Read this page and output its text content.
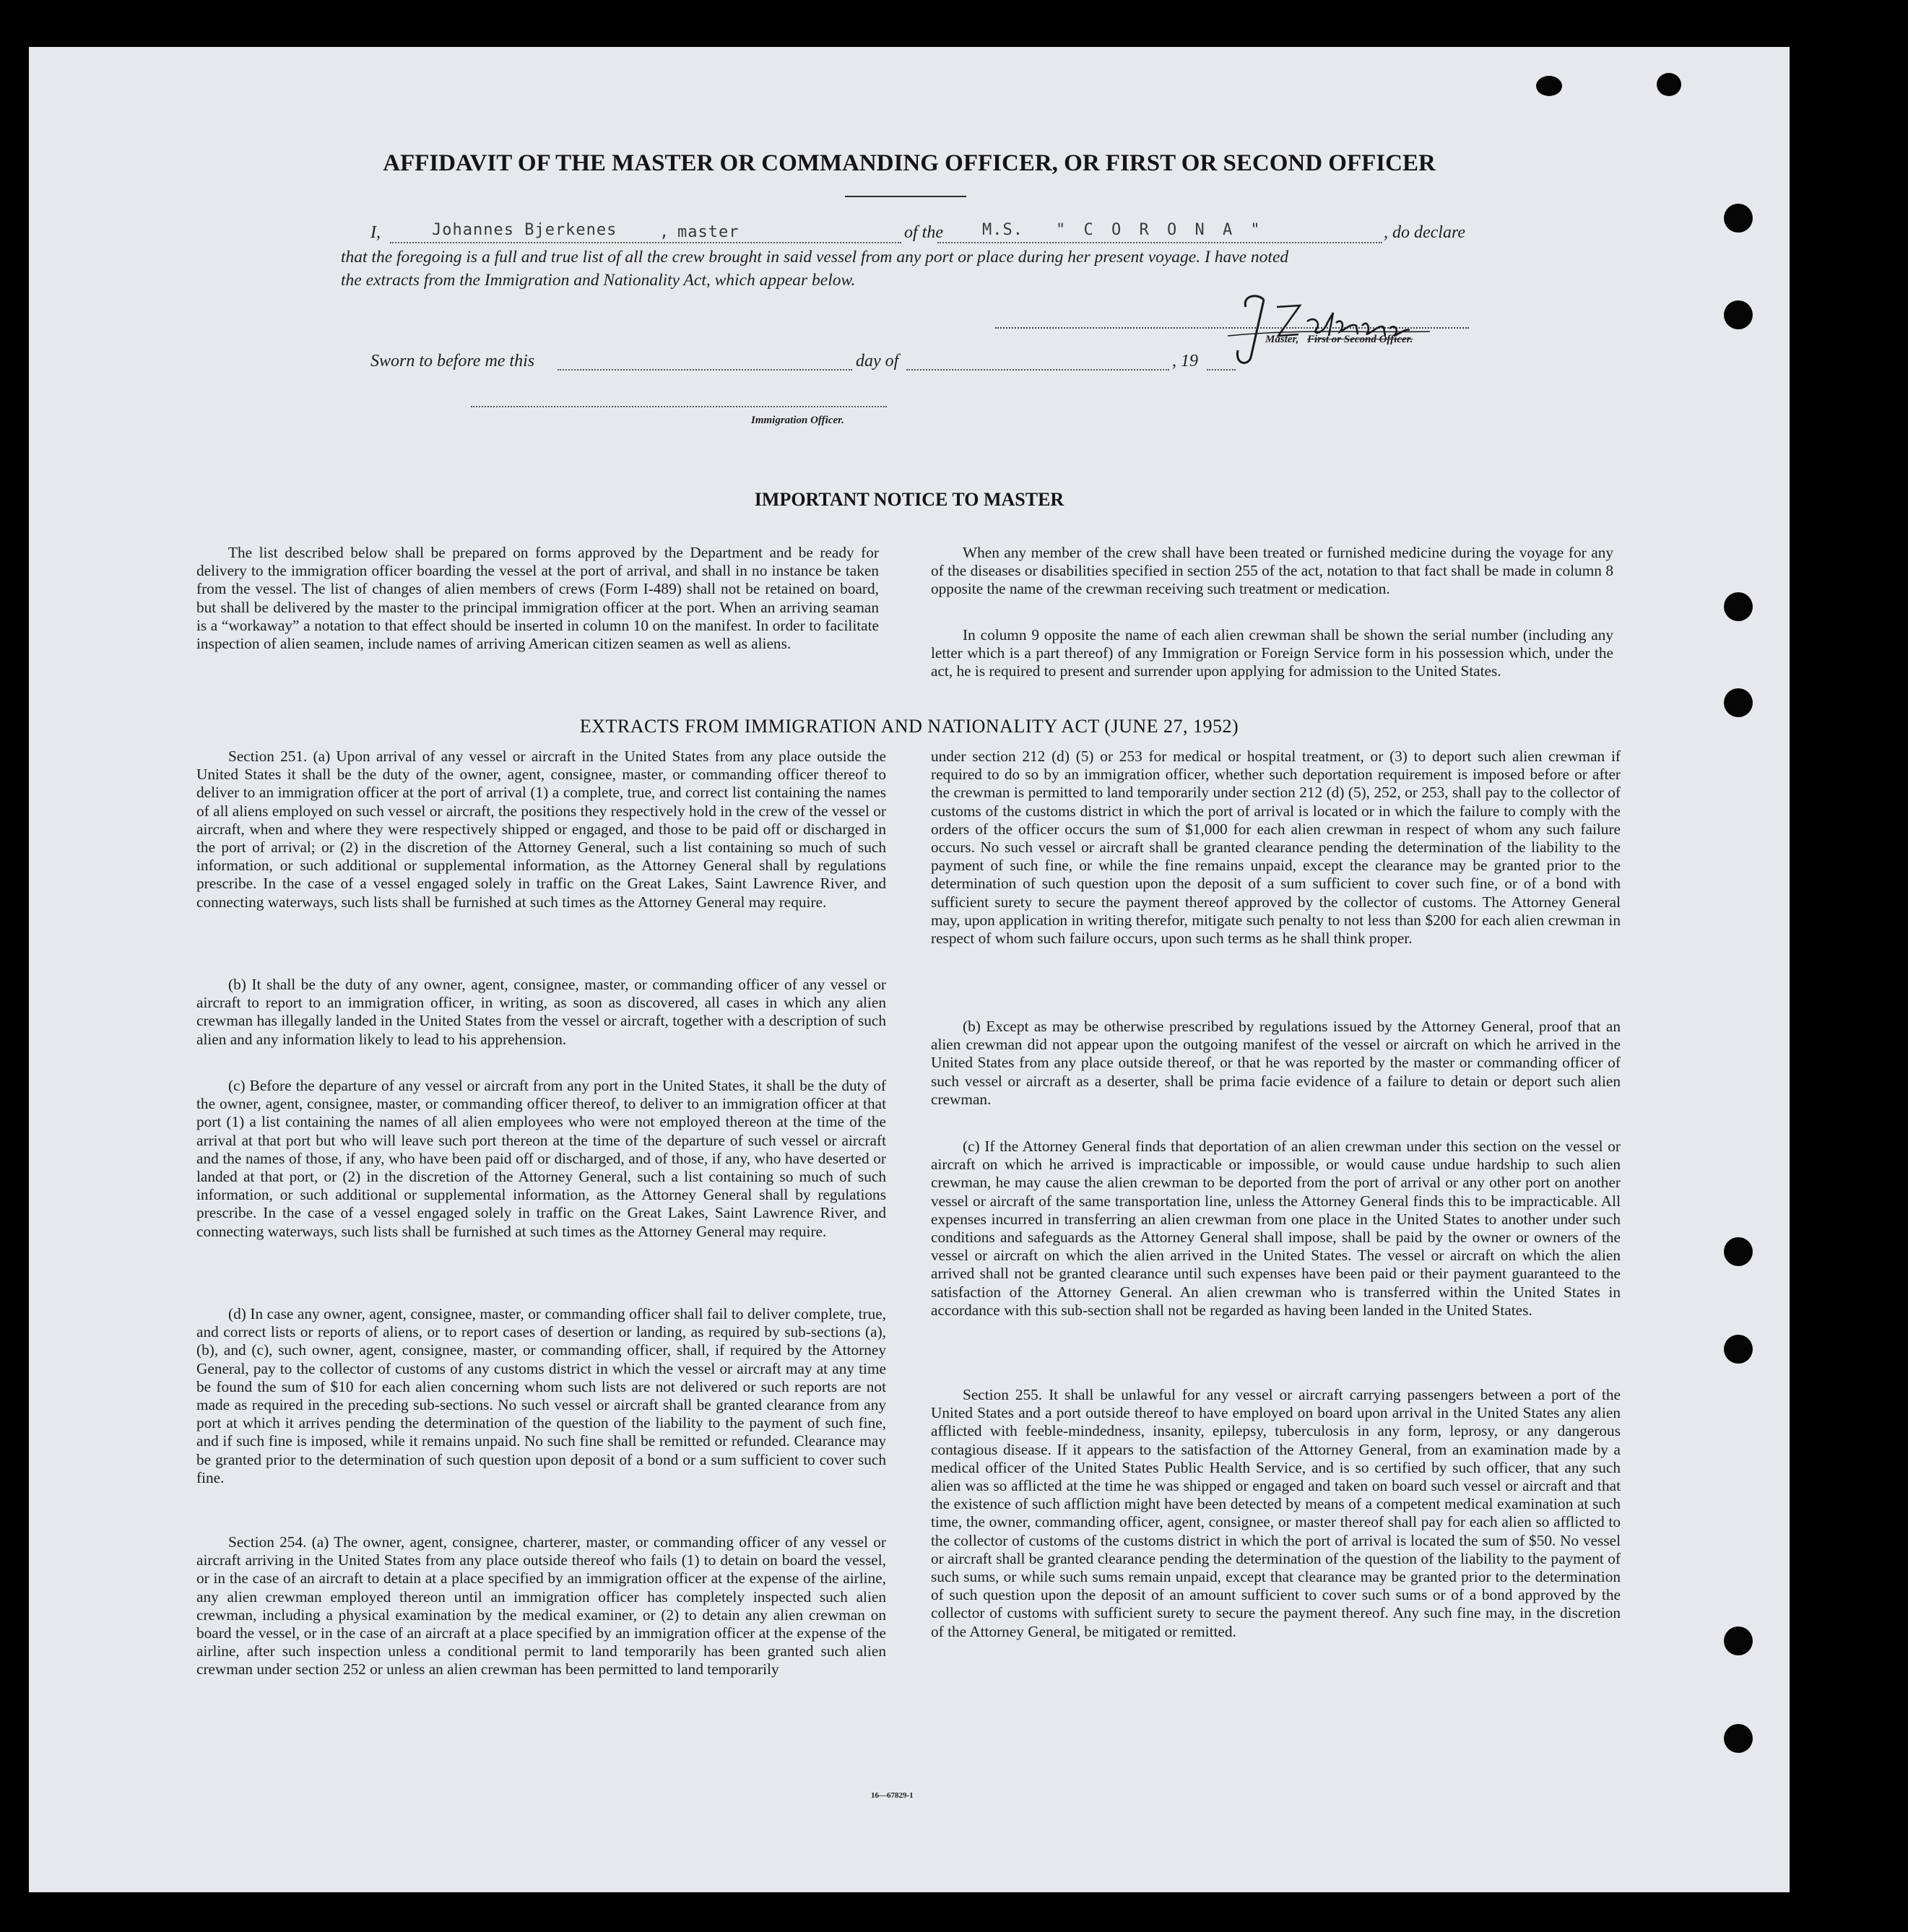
AFFIDAVIT OF THE MASTER OR COMMANDING OFFICER, OR FIRST OR SECOND OFFICER
I,	Johannes Bjerkenes	, master	of the M.S. " C O R O N A "	, do declare
that the foregoing is a full and true list of all the crew brought in said vessel from any port or place during her present voyage. I have noted
the extracts from the Immigration and Nationality Act, which appear below.
Master, First or Second Officer.
Sworn to before me this	day of	, 19
Immigration Officer.
IMPORTANT NOTICE TO MASTER

The list described below shall be prepared on forms approved by the Department and be ready for delivery to the immigration officer boarding the vessel at the port of arrival, and shall in no instance be taken from the vessel. The list of changes of alien members of crews (Form I-489) shall not be retained on board, but shall be delivered by the master to the principal immigration officer at the port. When an arriving seaman is a “workaway” a notation to that effect should be inserted in column 10 on the manifest. In order to facilitate inspection of alien seamen, include names of arriving American citizen seamen as well as aliens.

When any member of the crew shall have been treated or furnished medicine during the voyage for any of the diseases or disabilities specified in section 255 of the act, notation to that fact shall be made in column 8 opposite the name of the crewman receiving such treatment or medication.

In column 9 opposite the name of each alien crewman shall be shown the serial number (including any letter which is a part thereof) of any Immigration or Foreign Service form in his possession which, under the act, he is required to present and surrender upon applying for admission to the United States.

EXTRACTS FROM IMMIGRATION AND NATIONALITY ACT (JUNE 27, 1952)

Section 251. (a) Upon arrival of any vessel or aircraft in the United States from any place outside the United States it shall be the duty of the owner, agent, consignee, master, or commanding officer thereof to deliver to an immigration officer at the port of arrival (1) a complete, true, and correct list containing the names of all aliens employed on such vessel or aircraft, the positions they respectively hold in the crew of the vessel or aircraft, when and where they were respectively shipped or engaged, and those to be paid off or discharged in the port of arrival; or (2) in the discretion of the Attorney General, such a list containing so much of such information, or such additional or supplemental information, as the Attorney General shall by regulations prescribe. In the case of a vessel engaged solely in traffic on the Great Lakes, Saint Lawrence River, and connecting waterways, such lists shall be furnished at such times as the Attorney General may require.

(b) It shall be the duty of any owner, agent, consignee, master, or commanding officer of any vessel or aircraft to report to an immigration officer, in writing, as soon as discovered, all cases in which any alien crewman has illegally landed in the United States from the vessel or aircraft, together with a description of such alien and any information likely to lead to his apprehension.

(c) Before the departure of any vessel or aircraft from any port in the United States, it shall be the duty of the owner, agent, consignee, master, or commanding officer thereof, to deliver to an immigration officer at that port (1) a list containing the names of all alien employees who were not employed thereon at the time of the arrival at that port but who will leave such port thereon at the time of the departure of such vessel or aircraft and the names of those, if any, who have been paid off or discharged, and of those, if any, who have deserted or landed at that port, or (2) in the discretion of the Attorney General, such a list containing so much of such information, or such additional or supplemental information, as the Attorney General shall by regulations prescribe. In the case of a vessel engaged solely in traffic on the Great Lakes, Saint Lawrence River, and connecting waterways, such lists shall be furnished at such times as the Attorney General may require.

(d) In case any owner, agent, consignee, master, or commanding officer shall fail to deliver complete, true, and correct lists or reports of aliens, or to report cases of desertion or landing, as required by sub-sections (a), (b), and (c), such owner, agent, consignee, master, or commanding officer, shall, if required by the Attorney General, pay to the collector of customs of any customs district in which the vessel or aircraft may at any time be found the sum of $10 for each alien concerning whom such lists are not delivered or such reports are not made as required in the preceding sub-sections. No such vessel or aircraft shall be granted clearance from any port at which it arrives pending the determination of the question of the liability to the payment of such fine, and if such fine is imposed, while it remains unpaid. No such fine shall be remitted or refunded. Clearance may be granted prior to the determination of such question upon deposit of a bond or a sum sufficient to cover such fine.

Section 254. (a) The owner, agent, consignee, charterer, master, or commanding officer of any vessel or aircraft arriving in the United States from any place outside thereof who fails (1) to detain on board the vessel, or in the case of an aircraft to detain at a place specified by an immigration officer at the expense of the airline, any alien crewman employed thereon until an immigration officer has completely inspected such alien crewman, including a physical examination by the medical examiner, or (2) to detain any alien crewman on board the vessel, or in the case of an aircraft at a place specified by an immigration officer at the expense of the airline, after such inspection unless a conditional permit to land temporarily has been granted such alien crewman under section 252 or unless an alien crewman has been permitted to land temporarily

under section 212 (d) (5) or 253 for medical or hospital treatment, or (3) to deport such alien crewman if required to do so by an immigration officer, whether such deportation requirement is imposed before or after the crewman is permitted to land temporarily under section 212 (d) (5), 252, or 253, shall pay to the collector of customs of the customs district in which the port of arrival is located or in which the failure to comply with the orders of the officer occurs the sum of $1,000 for each alien crewman in respect of whom any such failure occurs. No such vessel or aircraft shall be granted clearance pending the determination of the liability to the payment of such fine, or while the fine remains unpaid, except the clearance may be granted prior to the determination of such question upon the deposit of a sum sufficient to cover such fine, or of a bond with sufficient surety to secure the payment thereof approved by the collector of customs. The Attorney General may, upon application in writing therefor, mitigate such penalty to not less than $200 for each alien crewman in respect of whom such failure occurs, upon such terms as he shall think proper.

(b) Except as may be otherwise prescribed by regulations issued by the Attorney General, proof that an alien crewman did not appear upon the outgoing manifest of the vessel or aircraft on which he arrived in the United States from any place outside thereof, or that he was reported by the master or commanding officer of such vessel or aircraft as a deserter, shall be prima facie evidence of a failure to detain or deport such alien crewman.

(c) If the Attorney General finds that deportation of an alien crewman under this section on the vessel or aircraft on which he arrived is impracticable or impossible, or would cause undue hardship to such alien crewman, he may cause the alien crewman to be deported from the port of arrival or any other port on another vessel or aircraft of the same transportation line, unless the Attorney General finds this to be impracticable. All expenses incurred in transferring an alien crewman from one place in the United States to another under such conditions and safeguards as the Attorney General shall impose, shall be paid by the owner or owners of the vessel or aircraft on which the alien arrived in the United States. The vessel or aircraft on which the alien arrived shall not be granted clearance until such expenses have been paid or their payment guaranteed to the satisfaction of the Attorney General. An alien crewman who is transferred within the United States in accordance with this sub-section shall not be regarded as having been landed in the United States.

Section 255. It shall be unlawful for any vessel or aircraft carrying passengers between a port of the United States and a port outside thereof to have employed on board upon arrival in the United States any alien afflicted with feeble-mindedness, insanity, epilepsy, tuberculosis in any form, leprosy, or any dangerous contagious disease. If it appears to the satisfaction of the Attorney General, from an examination made by a medical officer of the United States Public Health Service, and is so certified by such officer, that any such alien was so afflicted at the time he was shipped or engaged and taken on board such vessel or aircraft and that the existence of such affliction might have been detected by means of a competent medical examination at such time, the owner, commanding officer, agent, consignee, or master thereof shall pay for each alien so afflicted to the collector of customs of the customs district in which the port of arrival is located the sum of $50. No vessel or aircraft shall be granted clearance pending the determination of the question of the liability to the payment of such sums, or while such sums remain unpaid, except that clearance may be granted prior to the determination of such question upon the deposit of an amount sufficient to cover such sums or of a bond approved by the collector of customs with sufficient surety to secure the payment thereof. Any such fine may, in the discretion of the Attorney General, be mitigated or remitted.

16—67829-1
